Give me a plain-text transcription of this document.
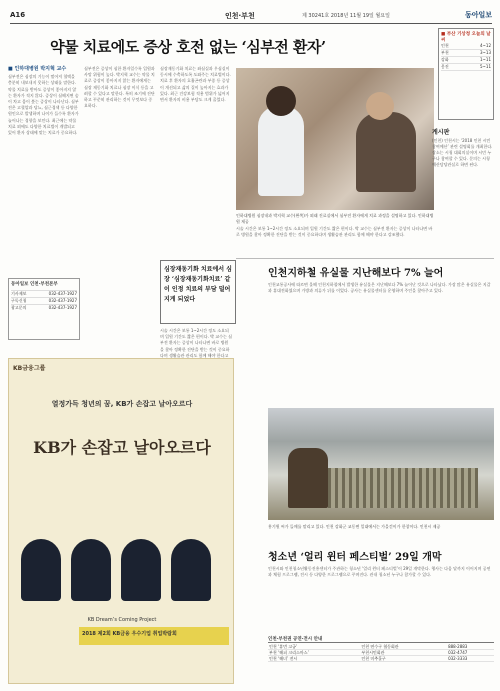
A16	인천·부천	제 30241호 2018년 11월 19일 월요일	동아일보
약물 치료에도 증상 호전 없는 ‘심부전 환자’
■ 인하대병원 박지혁 교수
심부전은 심장의 기능이 떨어져 혈액을 충분히 내보내지 못하는 상태를 말한다. 약물 치료를 받아도 증상이 좋아지지 않는 환자가 적지 않다. 증상이 심해지면 숨이 차고 몸이 붓는 증상이 나타난다. 심부전은 고혈압과 당뇨, 심근경색 등 다양한 원인으로 발생하며 나이가 들수록 환자가 늘어나는 경향을 보인다. 최근에는 약물 치료 외에도 다양한 치료법이 개발되고 있어 환자 상태에 맞는 치료가 중요하다.
동아일보 인천·부천본부
기사제보	032-437-1927
구독신청	032-437-1927
광고문의	032-437-1927
심부전은 증상이 심한 환자일수록 입원과 사망 위험이 높다. 박지혁 교수는 약물 치료로 증상이 좋아지지 않는 환자에게는 심장 재동기화 치료나 심장 이식 등을 고려할 수 있다고 말한다. 특히 조기에 진단하고 꾸준히 관리하는 것이 무엇보다 중요하다.
심장재동기화 치료는 좌심실과 우심실이 동시에 수축하도록 도와주는 치료법이다. 치료 후 환자의 호흡곤란과 부종 등 증상이 개선되고 삶의 질이 높아지는 효과가 있다. 최근 건강보험 적용 범위가 넓어지면서 환자의 비용 부담도 크게 줄었다.
심장재동기화 치료에서 심장 ‘심장재동기화치료’ 같이 인정 치료의 부담 덜어 지게 되었다
시술 시간은 보통 1~2시간 정도 소요되며 입원 기간도 짧은 편이다. 박 교수는 심부전 환자는 증상이 나타나면 바로 병원을 찾아 정확한 진단을 받는 것이 중요하다며 생활습관 관리도 함께 해야 한다고
인하대병원 심장내과 박지혁 교수(왼쪽)가 외래 진료실에서 심부전 환자에게 치료 과정을 설명하고 있다. 인하대병원 제공
시술 시간은 보통 1~2시간 정도 소요되며 입원 기간도 짧은 편이다. 박 교수는 심부전 환자는 증상이 나타나면 바로 병원을 찾아 정확한 진단을 받는 것이 중요하다며 생활습관 관리도 함께 해야 한다고 강조했다.
■ 부산 기상청 오늘의 날씨
인천	4~12
부천	3~13
강화	1~11
옹진	5~11
게시판
(인천) 인천시는 ‘2018 인천 시민 참여예산’ 관련 설명회를 개최한다. 장소는 시청 대회의실이며 시민 누구나 참여할 수 있다. 문의는 시청 예산담당관실로 하면 된다.
인천지하철 유실물 지난해보다 7% 늘어
인천교통공사에 따르면 올해 인천지하철에서 발생한 유실물은 지난해보다 7% 늘어난 것으로 나타났다. 가장 많은 유실물은 지갑과 휴대전화였으며 가방과 의류가 뒤를 이었다. 공사는 유실물센터를 운영하며 주인을 찾아주고 있다.
KB금융그룹
열정가득 청년의 꿈, KB가 손잡고 날아오르다
KB가 손잡고 날아오르다
KB Dream’s Coming Project
2018 제2회 KB금융 우수기업 취업박람회
홍기원 씨가 들깨를 말리고 있다. 인천 강화군 교동면 일대에서는 가을걷이가 한창이다. 인천시 제공
청소년 ‘얼리 윈터 페스티벌’ 29일 개막
인천시와 인천청소년활동진흥센터가 주관하는 청소년 ‘얼리 윈터 페스티벌’이 29일 개막한다. 행사는 다음 달까지 이어지며 공연과 체험 프로그램, 전시 등 다양한 프로그램으로 꾸며진다. 관내 청소년 누구나 참가할 수 있다.
인천·부천권 공연·전시 안내
인천 ‘휴먼 고궁’	인천 연수구 협동회관	888-2883
부천 ‘해피 크리스마스’	부천시민회관	032-4747
인천 ‘해녀’ 전시	인천 미추홀구	032-3333
